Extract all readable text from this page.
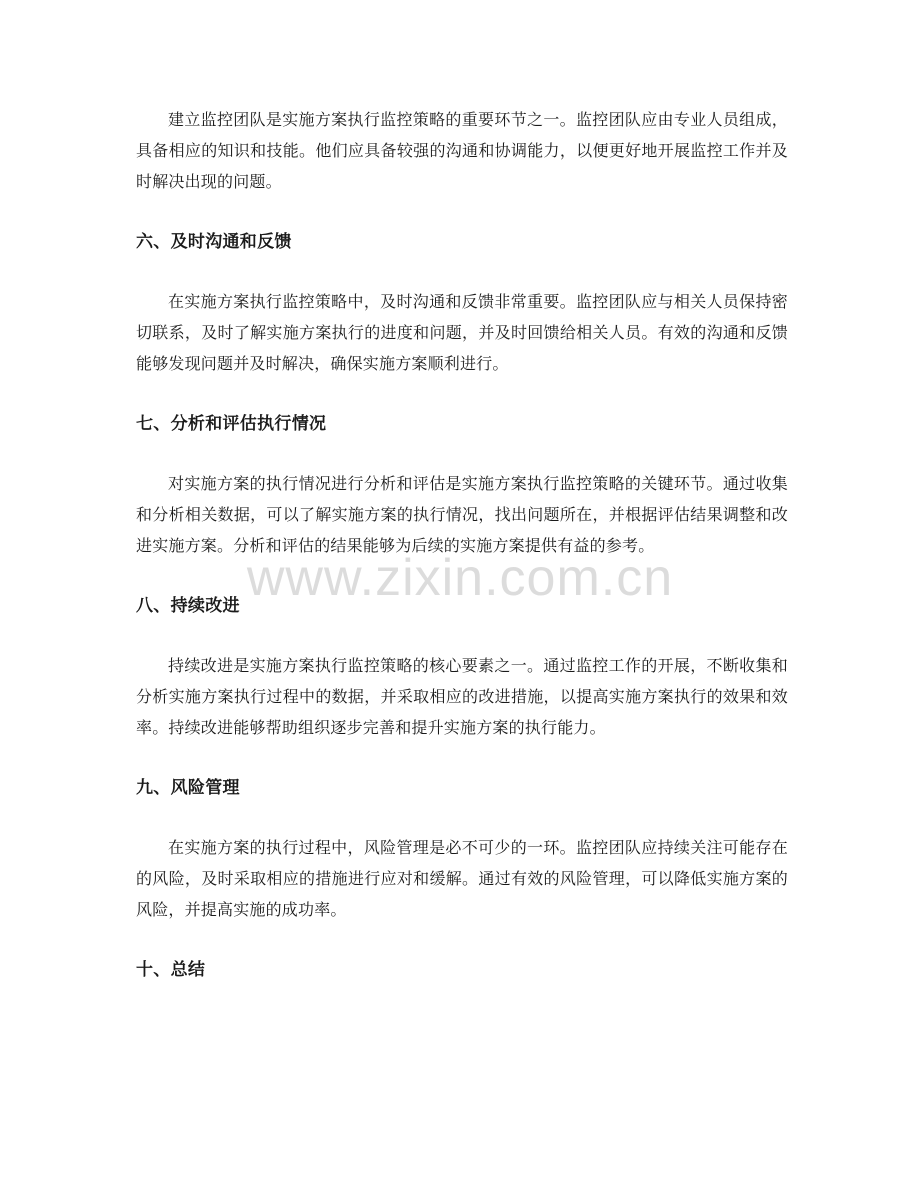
建立监控团队是实施方案执行监控策略的重要环节之一。监控团队应由专业人员组成，具备相应的知识和技能。他们应具备较强的沟通和协调能力，以便更好地开展监控工作并及时解决出现的问题。

六、及时沟通和反馈

在实施方案执行监控策略中，及时沟通和反馈非常重要。监控团队应与相关人员保持密切联系，及时了解实施方案执行的进度和问题，并及时回馈给相关人员。有效的沟通和反馈能够发现问题并及时解决，确保实施方案顺利进行。

七、分析和评估执行情况

对实施方案的执行情况进行分析和评估是实施方案执行监控策略的关键环节。通过收集和分析相关数据，可以了解实施方案的执行情况，找出问题所在，并根据评估结果调整和改进实施方案。分析和评估的结果能够为后续的实施方案提供有益的参考。

八、持续改进

持续改进是实施方案执行监控策略的核心要素之一。通过监控工作的开展，不断收集和分析实施方案执行过程中的数据，并采取相应的改进措施，以提高实施方案执行的效果和效率。持续改进能够帮助组织逐步完善和提升实施方案的执行能力。

九、风险管理

在实施方案的执行过程中，风险管理是必不可少的一环。监控团队应持续关注可能存在的风险，及时采取相应的措施进行应对和缓解。通过有效的风险管理，可以降低实施方案的风险，并提高实施的成功率。

十、总结
www.zixin.com.cn
